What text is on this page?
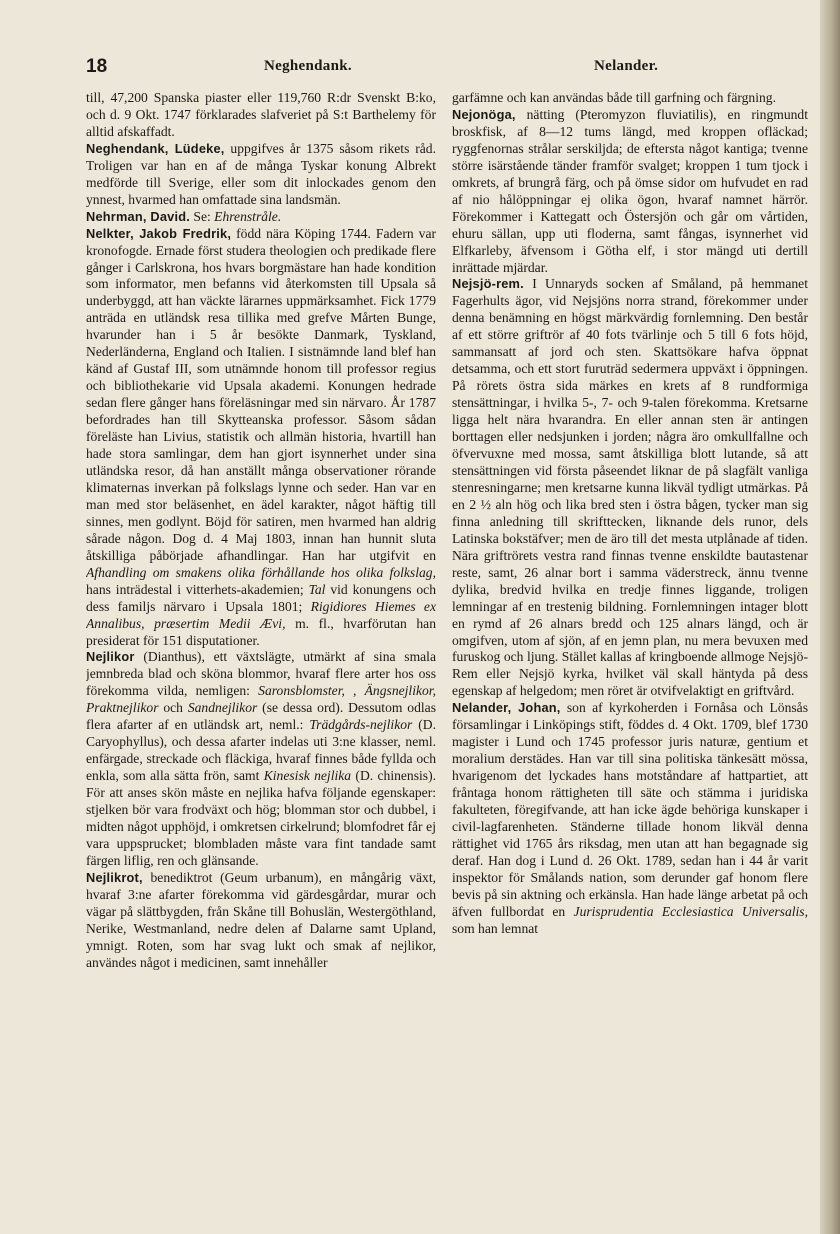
18	Neghendank.	Nelander.

till, 47,200 Spanska piaster eller 119,760 R:dr Svenskt B:ko, och d. 9 Okt. 1747 förklarades slafveriet på S:t Barthelemy för alltid afskaffadt.

Neghendank, Lüdeke, uppgifves år 1375 såsom rikets råd. Troligen var han en af de många Tyskar konung Albrekt medförde till Sverige, eller som dit inlockades genom den ynnest, hvarmed han omfattade sina landsmän.

Nehrman, David. Se: Ehrenstråle.

Nelkter, Jakob Fredrik, född nära Köping 1744. Fadern var kronofogde. Ernade först studera theologien och predikade flere gånger i Carlskrona, hos hvars borgmästare han hade kondition som informator, men befanns vid återkomsten till Upsala så underbyggd, att han väckte lärarnes uppmärksamhet. Fick 1779 anträda en utländsk resa tillika med grefve Mårten Bunge, hvarunder han i 5 år besökte Danmark, Tyskland, Nederländerna, England och Italien. I sistnämnde land blef han känd af Gustaf III, som utnämnde honom till professor regius och bibliothekarie vid Upsala akademi. Konungen hedrade sedan flere gånger hans föreläsningar med sin närvaro. År 1787 befordrades han till Skytteanska professor. Såsom sådan föreläste han Livius, statistik och allmän historia, hvartill han hade stora samlingar, dem han gjort isynnerhet under sina utländska resor, då han anställt många observationer rörande klimaternas inverkan på folkslags lynne och seder. Han var en man med stor beläsenhet, en ädel karakter, något häftig till sinnes, men godlynt. Böjd för satiren, men hvarmed han aldrig sårade någon. Dog d. 4 Maj 1803, innan han hunnit sluta åtskilliga påbörjade afhandlingar. Han har utgifvit en Afhandling om smakens olika förhållande hos olika folkslag, hans inträdestal i vitterhets-akademien; Tal vid konungens och dess familjs närvaro i Upsala 1801; Rigidiores Hiemes ex Annalibus, præsertim Medii Ævi, m. fl., hvarförutan han presiderat för 151 disputationer.

Nejlikor (Dianthus), ett växtslägte, utmärkt af sina smala jemnbreda blad och sköna blommor, hvaraf flere arter hos oss förekomma vilda, nemligen: Saronsblomster, , Ängsnejlikor, Praktnejlikor och Sandnejlikor (se dessa ord). Dessutom odlas flera afarter af en utländsk art, neml.: Trädgårds-nejlikor (D. Caryophyllus), och dessa afarter indelas uti 3:ne klasser, neml. enfärgade, streckade och fläckiga, hvaraf finnes både fyllda och enkla, som alla sätta frön, samt Kinesisk nejlika (D. chinensis). För att anses skön måste en nejlika hafva följande egenskaper: stjelken bör vara frodväxt och hög; blomman stor och dubbel, i midten något upphöjd, i omkretsen cirkelrund; blomfodret får ej vara uppsprucket; blombladen måste vara fint tandade samt färgen liflig, ren och glänsande.

Nejlikrot, benediktrot (Geum urbanum), en mångårig växt, hvaraf 3:ne afarter förekomma vid gärdesgårdar, murar och vägar på slättbygden, från Skåne till Bohuslän, Westergöthland, Nerike, Westmanland, nedre delen af Dalarne samt Upland, ymnigt. Roten, som har svag lukt och smak af nejlikor, användes något i medicinen, samt innehåller

garfämne och kan användas både till garfning och färgning.

Nejonöga, nätting (Pteromyzon fluviatilis), en ringmundt broskfisk, af 8—12 tums längd, med kroppen ofläckad; ryggfenornas strålar serskiljda; de eftersta något kantiga; tvenne större isärstående tänder framför svalget; kroppen 1 tum tjock i omkrets, af brungrå färg, och på ömse sidor om hufvudet en rad af nio hålöppningar ej olika ögon, hvaraf namnet härrör. Förekommer i Kattegatt och Östersjön och går om vårtiden, ehuru sällan, upp uti floderna, samt fångas, isynnerhet vid Elfkarleby, äfvensom i Götha elf, i stor mängd uti dertill inrättade mjärdar.

Nejsjö-rem. I Unnaryds socken af Småland, på hemmanet Fagerhults ägor, vid Nejsjöns norra strand, förekommer under denna benämning en högst märkvärdig fornlemning. Den består af ett större griftrör af 40 fots tvärlinje och 5 till 6 fots höjd, sammansatt af jord och sten. Skattsökare hafva öppnat detsamma, och ett stort furuträd sedermera uppväxt i öppningen. På rörets östra sida märkes en krets af 8 rundformiga stensättningar, i hvilka 5-, 7- och 9-talen förekomma. Kretsarne ligga helt nära hvarandra. En eller annan sten är antingen borttagen eller nedsjunken i jorden; några äro omkullfallne och öfvervuxne med mossa, samt åtskilliga blott lutande, så att stensättningen vid första påseendet liknar de på slagfält vanliga stenresningarne; men kretsarne kunna likväl tydligt utmärkas. På en 2 ½ aln hög och lika bred sten i östra bågen, tycker man sig finna anledning till skrifttecken, liknande dels runor, dels Latinska bokstäfver; men de äro till det mesta utplånade af tiden. Nära griftrörets vestra rand finnas tvenne enskildte bautastenar reste, samt, 26 alnar bort i samma väderstreck, ännu tvenne dylika, bredvid hvilka en tredje finnes liggande, troligen lemningar af en trestenig bildning. Fornlemningen intager blott en rymd af 26 alnars bredd och 125 alnars längd, och är omgifven, utom af sjön, af en jemn plan, nu mera bevuxen med furuskog och ljung. Stället kallas af kringboende allmoge Nejsjö-Rem eller Nejsjö kyrka, hvilket väl skall häntyda på dess egenskap af helgedom; men röret är otvifvelaktigt en griftvård.

Nelander, Johan, son af kyrkoherden i Fornåsa och Lönsås församlingar i Linköpings stift, föddes d. 4 Okt. 1709, blef 1730 magister i Lund och 1745 professor juris naturæ, gentium et moralium derstädes. Han var till sina politiska tänkesätt mössa, hvarigenom det lyckades hans motståndare af hattpartiet, att fråntaga honom rättigheten till säte och stämma i juridiska fakulteten, föregifvande, att han icke ägde behöriga kunskaper i civil-lagfarenheten. Ständerne tillade honom likväl denna rättighet vid 1765 års riksdag, men utan att han begagnade sig deraf. Han dog i Lund d. 26 Okt. 1789, sedan han i 44 år varit inspektor för Smålands nation, som derunder gaf honom flere bevis på sin aktning och erkänsla. Han hade länge arbetat på och äfven fullbordat en Jurisprudentia Ecclesiastica Universalis, som han lemnat
